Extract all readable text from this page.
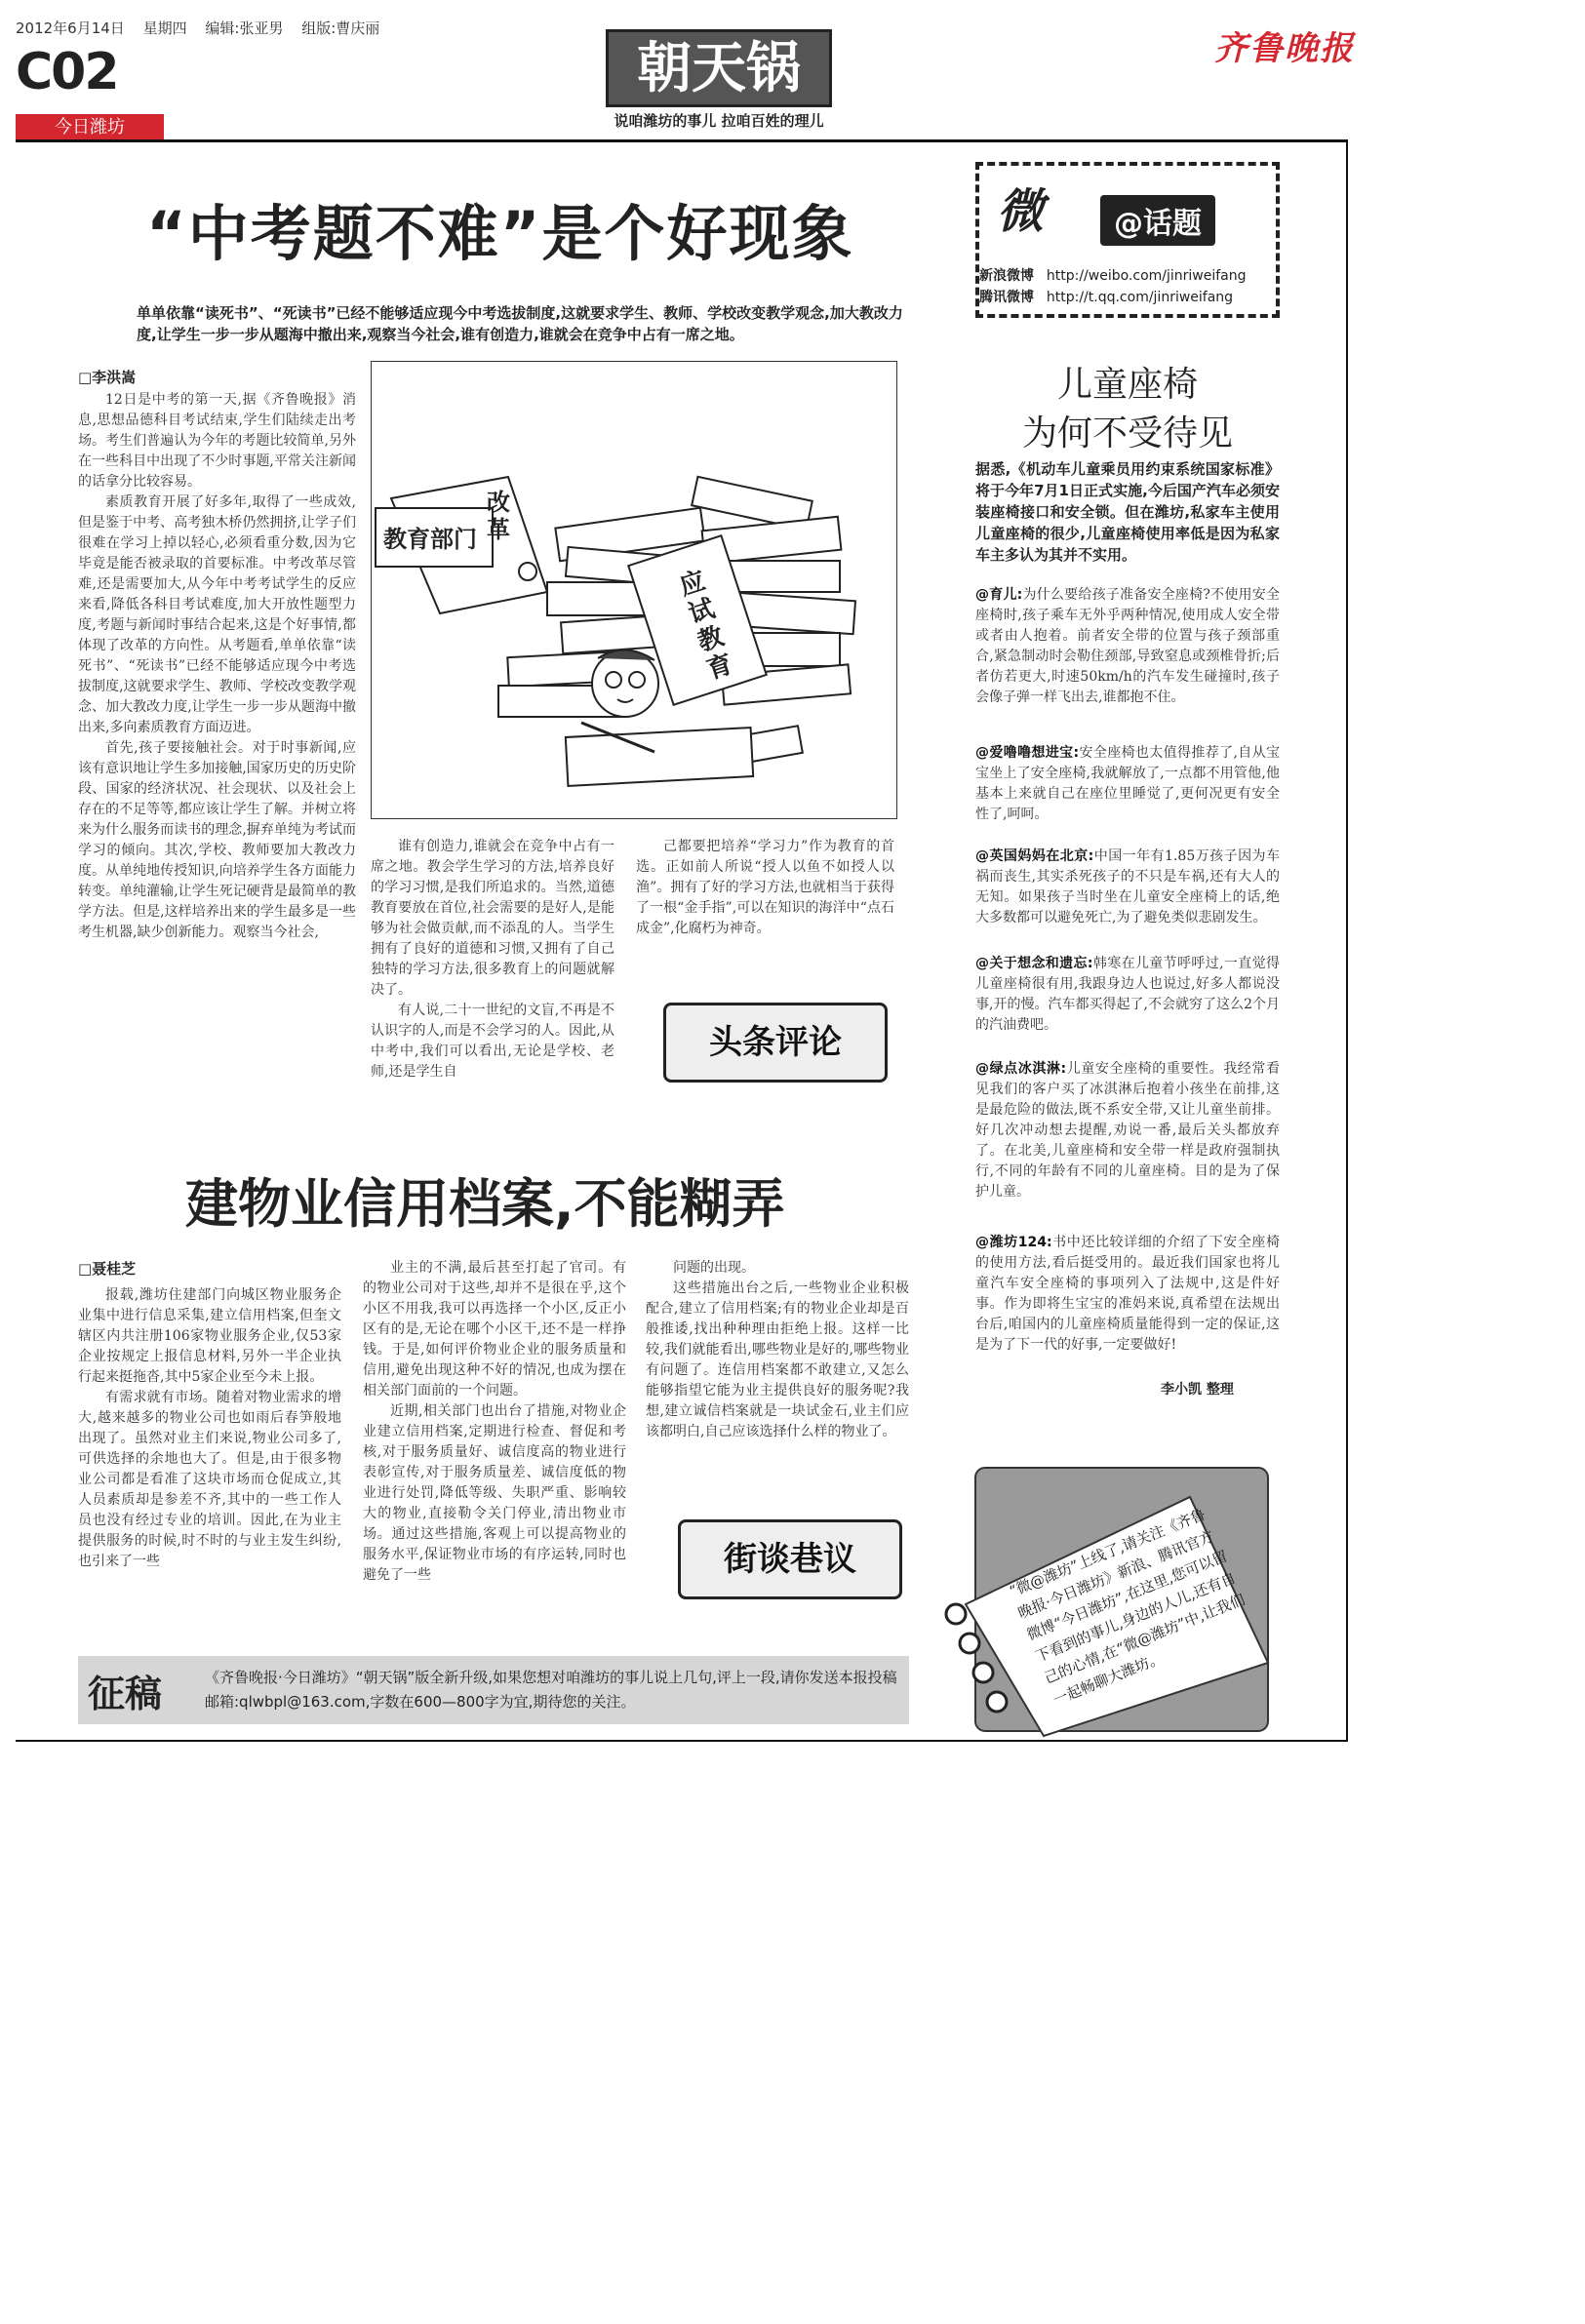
2012年6月14日 星期四 编辑:张亚男 组版:曹庆丽
C02
今日潍坊
朝天锅
说咱潍坊的事儿 拉咱百姓的理儿
齐鲁晚报
“中考题不难”是个好现象
单单依靠“读死书”、“死读书”已经不能够适应现今中考选拔制度,这就要求学生、教师、学校改变教学观念,加大教改力度,让学生一步一步从题海中撤出来,观察当今社会,谁有创造力,谁就会在竞争中占有一席之地。
□李洪嵩

12日是中考的第一天,据《齐鲁晚报》消息,思想品德科目考试结束,学生们陆续走出考场。考生们普遍认为今年的考题比较简单,另外在一些科目中出现了不少时事题,平常关注新闻的话拿分比较容易。

素质教育开展了好多年,取得了一些成效,但是鉴于中考、高考独木桥仍然拥挤,让学子们很难在学习上掉以轻心,必须看重分数,因为它毕竟是能否被录取的首要标准。中考改革尽管难,还是需要加大,从今年中考考试学生的反应来看,降低各科目考试难度,加大开放性题型力度,考题与新闻时事结合起来,这是个好事情,都体现了改革的方向性。从考题看,单单依靠“读死书”、“死读书”已经不能够适应现今中考选拔制度,这就要求学生、教师、学校改变教学观念、加大教改力度,让学生一步一步从题海中撤出来,多向素质教育方面迈进。

首先,孩子要接触社会。对于时事新闻,应该有意识地让学生多加接触,国家历史的历史阶段、国家的经济状况、社会现状、以及社会上存在的不足等等,都应该让学生了解。并树立将来为什么服务而读书的理念,摒弃单纯为考试而学习的倾向。其次,学校、教师要加大教改力度。从单纯地传授知识,向培养学生各方面能力转变。单纯灌输,让学生死记硬背是最简单的教学方法。但是,这样培养出来的学生最多是一些考生机器,缺少创新能力。观察当今社会,

教育部门
改革
应试教育

谁有创造力,谁就会在竞争中占有一席之地。教会学生学习的方法,培养良好的学习习惯,是我们所追求的。当然,道德教育要放在首位,社会需要的是好人,是能够为社会做贡献,而不添乱的人。当学生拥有了良好的道德和习惯,又拥有了自己独特的学习方法,很多教育上的问题就解决了。

有人说,二十一世纪的文盲,不再是不认识字的人,而是不会学习的人。因此,从中考中,我们可以看出,无论是学校、老师,还是学生自

己都要把培养“学习力”作为教育的首选。正如前人所说“授人以鱼不如授人以渔”。拥有了好的学习方法,也就相当于获得了一根“金手指”,可以在知识的海洋中“点石成金”,化腐朽为神奇。

头条评论
建物业信用档案,不能糊弄
□聂桂芝

报载,潍坊住建部门向城区物业服务企业集中进行信息采集,建立信用档案,但奎文辖区内共注册106家物业服务企业,仅53家企业按规定上报信息材料,另外一半企业执行起来挺拖沓,其中5家企业至今未上报。

有需求就有市场。随着对物业需求的增大,越来越多的物业公司也如雨后春笋般地出现了。虽然对业主们来说,物业公司多了,可供选择的余地也大了。但是,由于很多物业公司都是看准了这块市场而仓促成立,其人员素质却是参差不齐,其中的一些工作人员也没有经过专业的培训。因此,在为业主提供服务的时候,时不时的与业主发生纠纷,也引来了一些

业主的不满,最后甚至打起了官司。有的物业公司对于这些,却并不是很在乎,这个小区不用我,我可以再选择一个小区,反正小区有的是,无论在哪个小区干,还不是一样挣钱。于是,如何评价物业企业的服务质量和信用,避免出现这种不好的情况,也成为摆在相关部门面前的一个问题。

近期,相关部门也出台了措施,对物业企业建立信用档案,定期进行检查、督促和考核,对于服务质量好、诚信度高的物业进行表彰宣传,对于服务质量差、诚信度低的物业进行处罚,降低等级、失职严重、影响较大的物业,直接勒令关门停业,清出物业市场。通过这些措施,客观上可以提高物业的服务水平,保证物业市场的有序运转,同时也避免了一些

问题的出现。

这些措施出台之后,一些物业企业积极配合,建立了信用档案;有的物业企业却是百般推诿,找出种种理由拒绝上报。这样一比较,我们就能看出,哪些物业是好的,哪些物业有问题了。连信用档案都不敢建立,又怎么能够指望它能为业主提供良好的服务呢?我想,建立诚信档案就是一块试金石,业主们应该都明白,自己应该选择什么样的物业了。

街谈巷议
微	@话题
新浪微博 http://weibo.com/jinriweifang
腾讯微博 http://t.qq.com/jinriweifang
儿童座椅
为何不受待见
据悉,《机动车儿童乘员用约束系统国家标准》将于今年7月1日正式实施,今后国产汽车必须安装座椅接口和安全锁。但在潍坊,私家车主使用儿童座椅的很少,儿童座椅使用率低是因为私家车主多认为其并不实用。
@育儿:为什么要给孩子准备安全座椅?不使用安全座椅时,孩子乘车无外乎两种情况,使用成人安全带或者由人抱着。前者安全带的位置与孩子颈部重合,紧急制动时会勒住颈部,导致窒息或颈椎骨折;后者仿若更大,时速50km/h的汽车发生碰撞时,孩子会像子弹一样飞出去,谁都抱不住。
@爱噜噜想进宝:安全座椅也太值得推荐了,自从宝宝坐上了安全座椅,我就解放了,一点都不用管他,他基本上来就自己在座位里睡觉了,更何况更有安全性了,呵呵。
@英国妈妈在北京:中国一年有1.85万孩子因为车祸而丧生,其实杀死孩子的不只是车祸,还有大人的无知。如果孩子当时坐在儿童安全座椅上的话,绝大多数都可以避免死亡,为了避免类似悲剧发生。
@关于想念和遗忘:韩寒在儿童节呼呼过,一直觉得儿童座椅很有用,我跟身边人也说过,好多人都说没事,开的慢。汽车都买得起了,不会就穷了这么2个月的汽油费吧。
@绿点冰淇淋:儿童安全座椅的重要性。我经常看见我们的客户买了冰淇淋后抱着小孩坐在前排,这是最危险的做法,既不系安全带,又让儿童坐前排。好几次冲动想去提醒,劝说一番,最后关头都放弃了。在北美,儿童座椅和安全带一样是政府强制执行,不同的年龄有不同的儿童座椅。目的是为了保护儿童。
@潍坊124:书中还比较详细的介绍了下安全座椅的使用方法,看后挺受用的。最近我们国家也将儿童汽车安全座椅的事项列入了法规中,这是件好事。作为即将生宝宝的准妈来说,真希望在法规出台后,咱国内的儿童座椅质量能得到一定的保证,这是为了下一代的好事,一定要做好!
李小凯 整理
“微@潍坊”上线了,请关注《齐鲁晚报·今日潍坊》新浪、腾讯官方微博“今日潍坊”,在这里,您可以留下看到的事儿,身边的人儿,还有自己的心情,在“微@潍坊”中,让我们一起畅聊大潍坊。
征稿	《齐鲁晚报·今日潍坊》“朝天锅”版全新升级,如果您想对咱潍坊的事儿说上几句,评上一段,请你发送本报投稿邮箱:qlwbpl@163.com,字数在600—800字为宜,期待您的关注。
